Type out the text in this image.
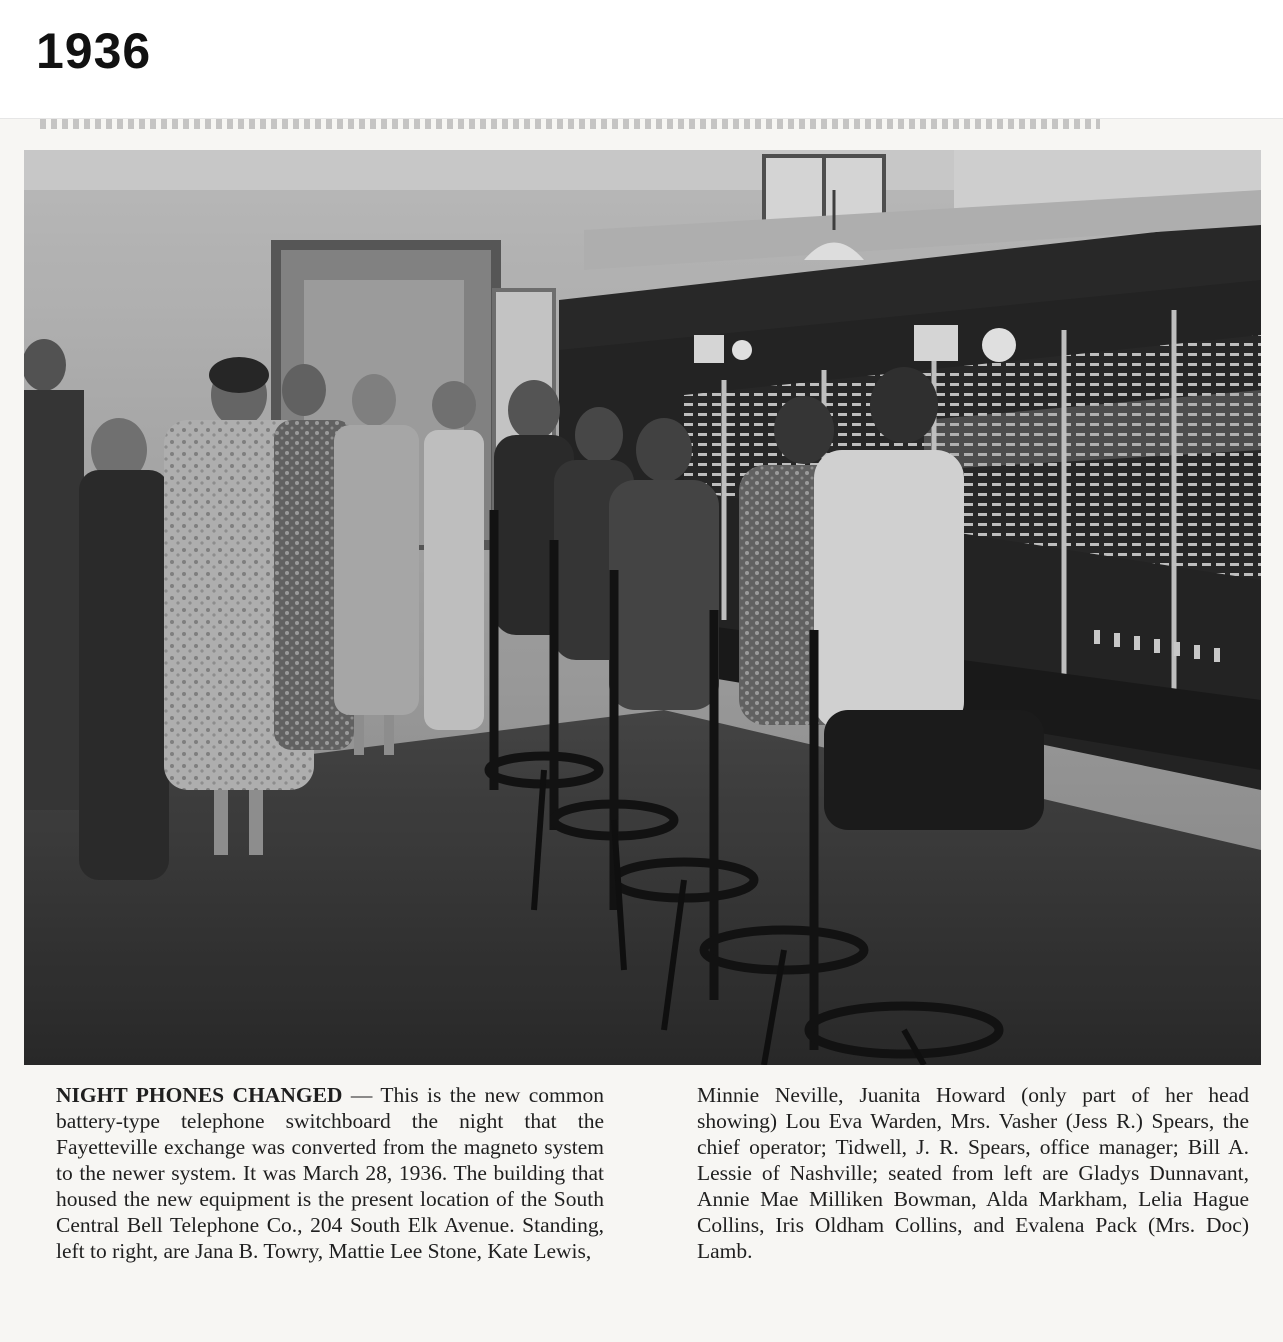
1936
NIGHT PHONES CHANGED — This is the new common battery-type telephone switchboard the night that the Fayetteville exchange was converted from the magneto system to the newer system. It was March 28, 1936. The building that housed the new equipment is the present location of the South Central Bell Telephone Co., 204 South Elk Avenue. Standing, left to right, are Jana B. Towry, Mattie Lee Stone, Kate Lewis,
Minnie Neville, Juanita Howard (only part of her head showing) Lou Eva Warden, Mrs. Vasher (Jess R.) Spears, the chief operator; Tidwell, J. R. Spears, office manager; Bill A. Lessie of Nashville; seated from left are Gladys Dunnavant, Annie Mae Milliken Bowman, Alda Markham, Lelia Hague Collins, Iris Oldham Collins, and Evalena Pack (Mrs. Doc) Lamb.
